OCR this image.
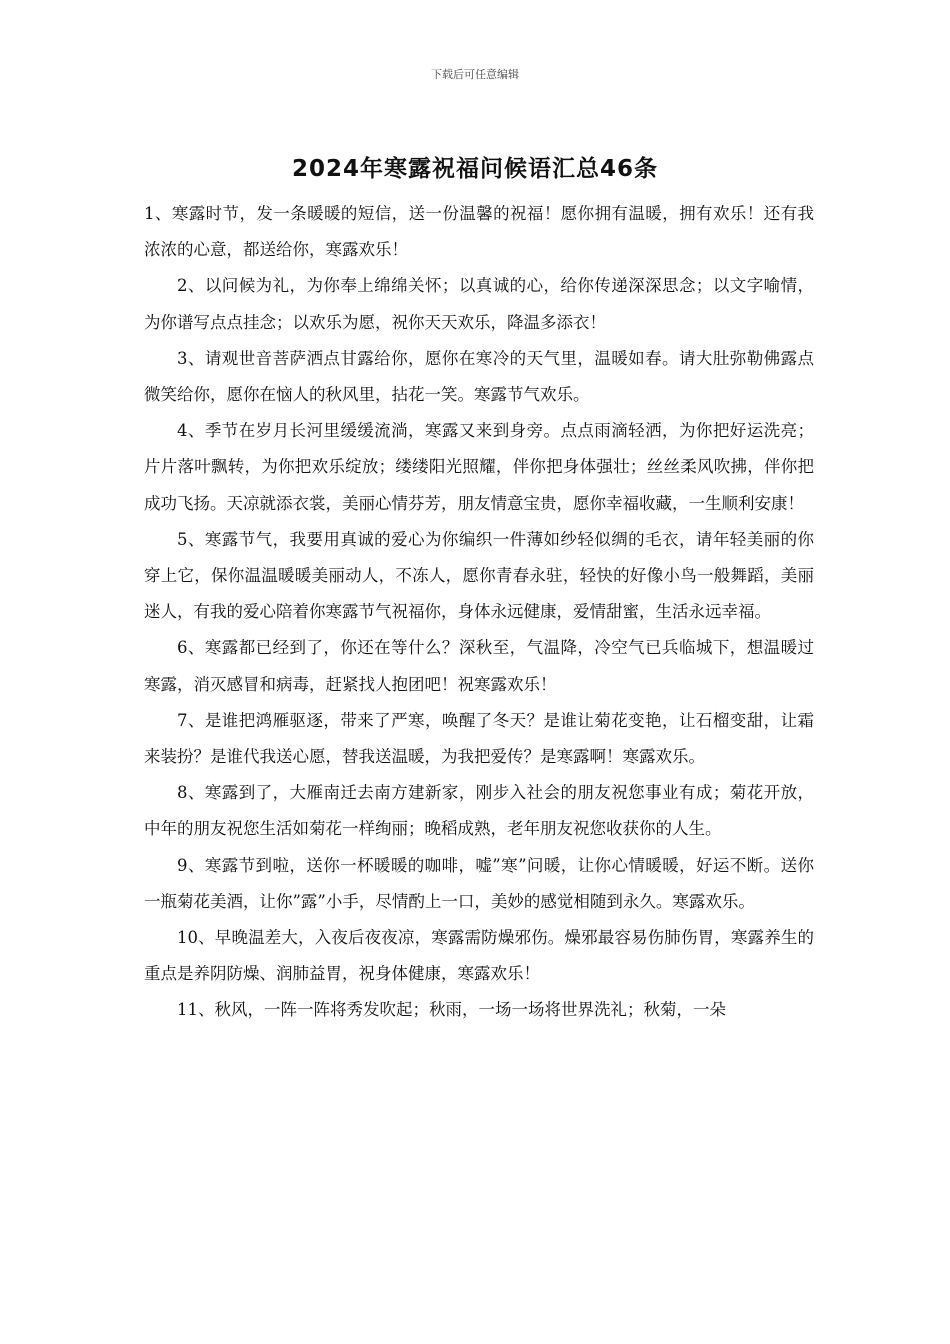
下载后可任意编辑
2024年寒露祝福问候语汇总46条

1、寒露时节，发一条暖暖的短信，送一份温馨的祝福！愿你拥有温暖，拥有欢乐！还有我浓浓的心意，都送给你，寒露欢乐！

2、以问候为礼，为你奉上绵绵关怀；以真诚的心，给你传递深深思念；以文字喻情，为你谱写点点挂念；以欢乐为愿，祝你天天欢乐，降温多添衣！

3、请观世音菩萨洒点甘露给你，愿你在寒冷的天气里，温暖如春。请大肚弥勒佛露点微笑给你，愿你在恼人的秋风里，拈花一笑。寒露节气欢乐。

4、季节在岁月长河里缓缓流淌，寒露又来到身旁。点点雨滴轻洒，为你把好运洗亮；片片落叶飘转，为你把欢乐绽放；缕缕阳光照耀，伴你把身体强壮；丝丝柔风吹拂，伴你把成功飞扬。天凉就添衣裳，美丽心情芬芳，朋友情意宝贵，愿你幸福收藏，一生顺利安康！

5、寒露节气，我要用真诚的爱心为你编织一件薄如纱轻似绸的毛衣，请年轻美丽的你穿上它，保你温温暖暖美丽动人，不冻人，愿你青春永驻，轻快的好像小鸟一般舞蹈，美丽迷人，有我的爱心陪着你寒露节气祝福你，身体永远健康，爱情甜蜜，生活永远幸福。

6、寒露都已经到了，你还在等什么？深秋至，气温降，冷空气已兵临城下，想温暖过寒露，消灭感冒和病毒，赶紧找人抱团吧！祝寒露欢乐！

7、是谁把鸿雁驱逐，带来了严寒，唤醒了冬天？是谁让菊花变艳，让石榴变甜，让霜来装扮？是谁代我送心愿，替我送温暖，为我把爱传？是寒露啊！寒露欢乐。

8、寒露到了，大雁南迁去南方建新家，刚步入社会的朋友祝您事业有成；菊花开放，中年的朋友祝您生活如菊花一样绚丽；晚稻成熟，老年朋友祝您收获你的人生。

9、寒露节到啦，送你一杯暖暖的咖啡，嘘”寒”问暖，让你心情暖暖，好运不断。送你一瓶菊花美酒，让你”露”小手，尽情酌上一口，美妙的感觉相随到永久。寒露欢乐。

10、早晚温差大，入夜后夜夜凉，寒露需防燥邪伤。燥邪最容易伤肺伤胃，寒露养生的重点是养阴防燥、润肺益胃，祝身体健康，寒露欢乐！

11、秋风，一阵一阵将秀发吹起；秋雨，一场一场将世界洗礼；秋菊，一朵
